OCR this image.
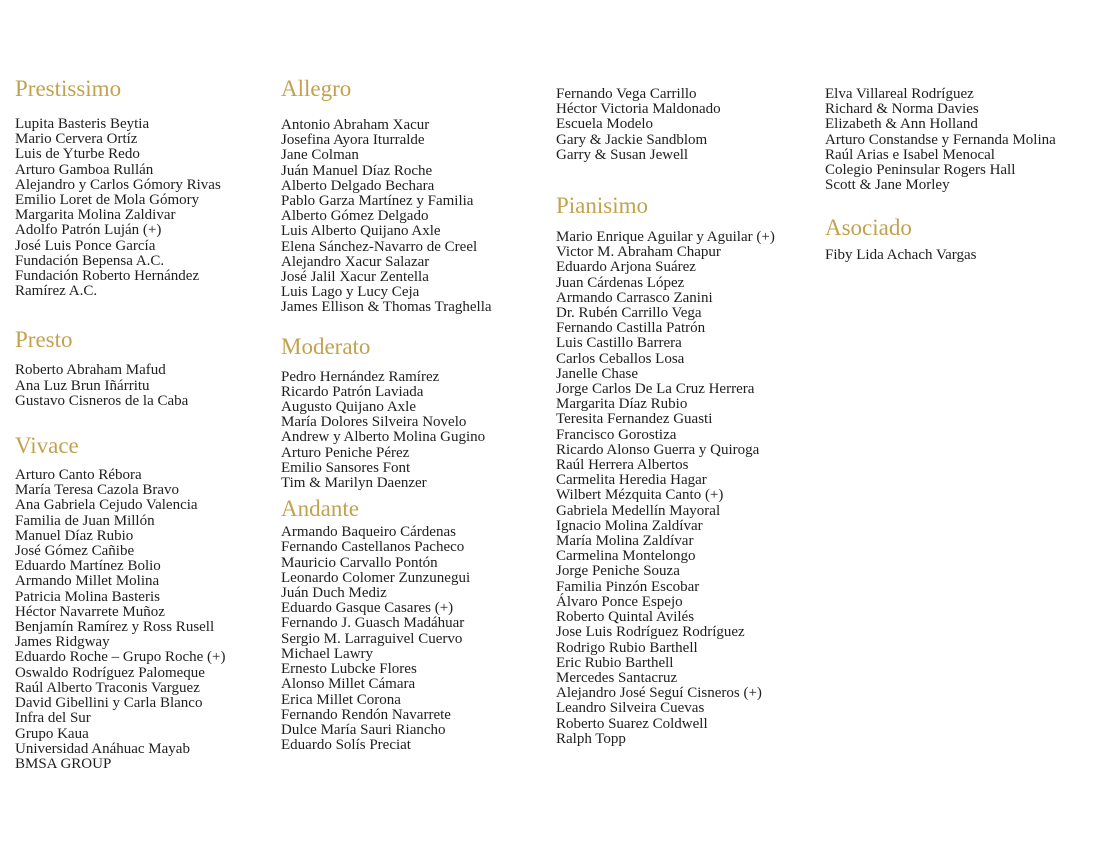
Prestissimo
Lupita Basteris Beytia
Mario Cervera Ortíz
Luis de Yturbe Redo
Arturo Gamboa Rullán
Alejandro y Carlos Gómory Rivas
Emilio Loret de Mola Gómory
Margarita Molina Zaldivar
Adolfo Patrón Luján (+)
José Luis Ponce García
Fundación Bepensa A.C.
Fundación Roberto Hernández Ramírez A.C.
Presto
Roberto Abraham Mafud
Ana Luz Brun Iñárritu
Gustavo Cisneros de la Caba
Vivace
Arturo Canto Rébora
María Teresa Cazola Bravo
Ana Gabriela Cejudo Valencia
Familia de Juan Millón
Manuel Díaz Rubio
José Gómez Cañibe
Eduardo Martínez Bolio
Armando Millet Molina
Patricia Molina Basteris
Héctor Navarrete Muñoz
Benjamín Ramírez y Ross Rusell
James Ridgway
Eduardo Roche – Grupo Roche (+)
Oswaldo Rodríguez Palomeque
Raúl Alberto Traconis Varguez
David Gibellini y Carla Blanco
Infra del Sur
Grupo Kaua
Universidad Anáhuac Mayab
BMSA GROUP
Allegro
Antonio Abraham Xacur
Josefina Ayora Iturralde
Jane Colman
Juán Manuel Díaz Roche
Alberto Delgado Bechara
Pablo Garza Martínez y Familia
Alberto Gómez Delgado
Luis Alberto Quijano Axle
Elena Sánchez-Navarro de Creel
Alejandro Xacur Salazar
José Jalil Xacur Zentella
Luis Lago y Lucy Ceja
James Ellison & Thomas Traghella
Moderato
Pedro Hernández Ramírez
Ricardo Patrón Laviada
Augusto Quijano Axle
María Dolores Silveira Novelo
Andrew y Alberto Molina Gugino
Arturo Peniche Pérez
Emilio Sansores Font
Tim & Marilyn Daenzer
Andante
Armando Baqueiro Cárdenas
Fernando Castellanos Pacheco
Mauricio Carvallo Pontón
Leonardo Colomer Zunzunegui
Juán Duch Mediz
Eduardo Gasque Casares (+)
Fernando J. Guasch Madáhuar
Sergio M. Larraguivel Cuervo
Michael Lawry
Ernesto Lubcke Flores
Alonso Millet Cámara
Erica Millet Corona
Fernando Rendón Navarrete
Dulce María Sauri Riancho
Eduardo Solís Preciat
Fernando Vega Carrillo
Héctor Victoria Maldonado
Escuela Modelo
Gary & Jackie Sandblom
Garry & Susan Jewell
Pianisimo
Mario Enrique Aguilar y Aguilar (+)
Victor M. Abraham Chapur
Eduardo Arjona Suárez
Juan Cárdenas López
Armando Carrasco Zanini
Dr. Rubén Carrillo Vega
Fernando Castilla Patrón
Luis Castillo Barrera
Carlos Ceballos Losa
Janelle Chase
Jorge Carlos De La Cruz Herrera
Margarita Díaz Rubio
Teresita Fernandez Guasti
Francisco Gorostiza
Ricardo Alonso Guerra y Quiroga
Raúl Herrera Albertos
Carmelita Heredia Hagar
Wilbert Mézquita Canto (+)
Gabriela Medellín Mayoral
Ignacio Molina Zaldívar
María Molina Zaldívar
Carmelina Montelongo
Jorge Peniche Souza
Familia Pinzón Escobar
Álvaro Ponce Espejo
Roberto Quintal Avilés
Jose Luis Rodríguez Rodríguez
Rodrigo Rubio Barthell
Eric Rubio Barthell
Mercedes Santacruz
Alejandro José Seguí Cisneros (+)
Leandro Silveira Cuevas
Roberto Suarez Coldwell
Ralph Topp
Elva Villareal Rodríguez
Richard & Norma Davies
Elizabeth & Ann Holland
Arturo Constandse y Fernanda Molina
Raúl Arias e Isabel Menocal
Colegio Peninsular Rogers Hall
Scott & Jane Morley
Asociado
Fiby Lida Achach Vargas
